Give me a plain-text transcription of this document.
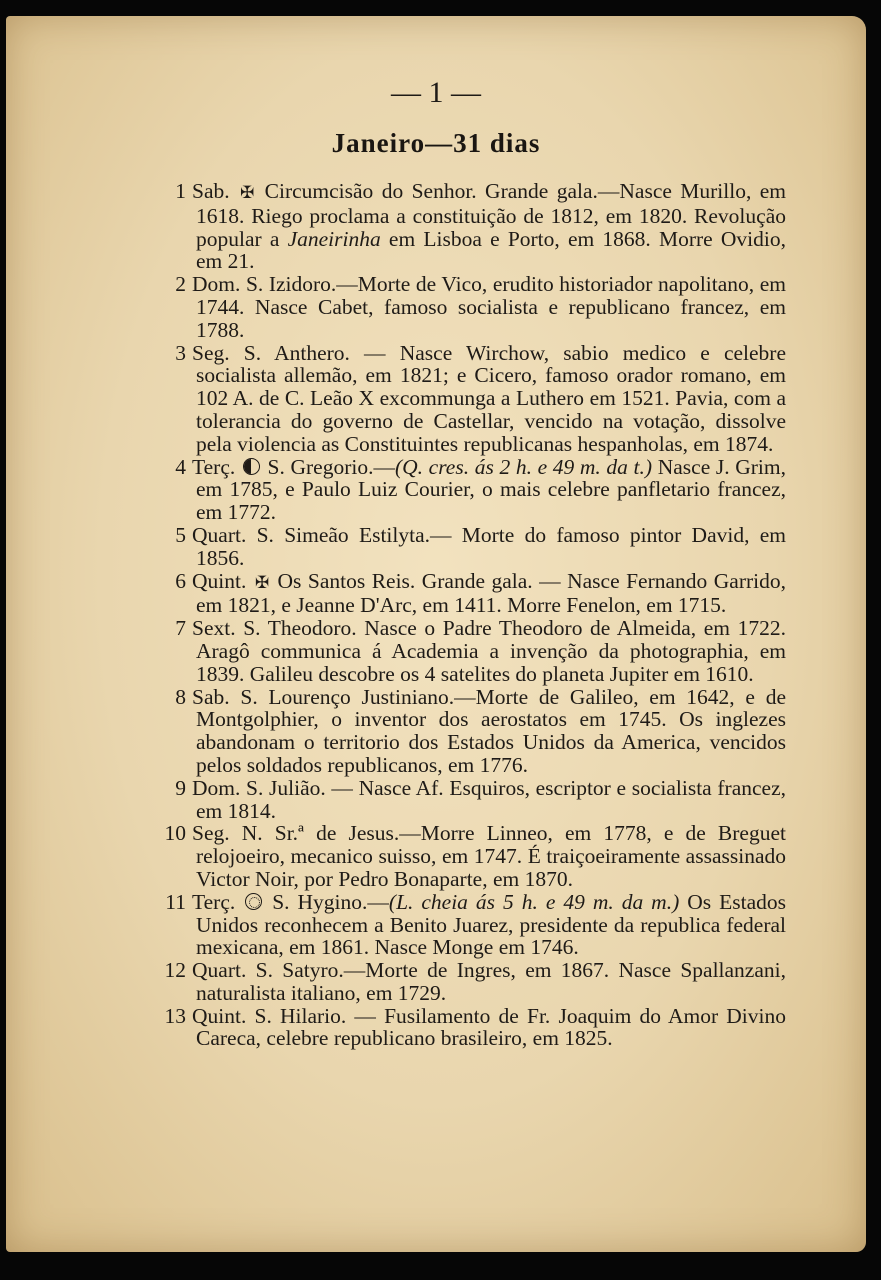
— 1 —
Janeiro—31 dias
1 Sab. ✠ Circumcisão do Senhor. Grande gala.—Nasce Murillo, em 1618. Riego proclama a constituição de 1812, em 1820. Revolução popular a Janeirinha em Lisboa e Porto, em 1868. Morre Ovidio, em 21.
2 Dom. S. Izidoro.—Morte de Vico, erudito historiador napolitano, em 1744. Nasce Cabet, famoso socialista e republicano francez, em 1788.
3 Seg. S. Anthero. — Nasce Wirchow, sabio medico e celebre socialista allemão, em 1821; e Cicero, famoso orador romano, em 102 A. de C. Leão X excommunga a Luthero em 1521. Pavia, com a tolerancia do governo de Castellar, vencido na votação, dissolve pela violencia as Constituintes republicanas hespanholas, em 1874.
4 Terç.  S. Gregorio.—(Q. cres. ás 2 h. e 49 m. da t.) Nasce J. Grim, em 1785, e Paulo Luiz Courier, o mais celebre panfletario francez, em 1772.
5 Quart. S. Simeão Estilyta.— Morte do famoso pintor David, em 1856.
6 Quint. ✠ Os Santos Reis. Grande gala. — Nasce Fernando Garrido, em 1821, e Jeanne D'Arc, em 1411. Morre Fenelon, em 1715.
7 Sext. S. Theodoro. Nasce o Padre Theodoro de Almeida, em 1722. Aragô communica á Academia a invenção da photographia, em 1839. Galileu descobre os 4 satelites do planeta Jupiter em 1610.
8 Sab. S. Lourenço Justiniano.—Morte de Galileo, em 1642, e de Montgolphier, o inventor dos aerostatos em 1745. Os inglezes abandonam o territorio dos Estados Unidos da America, vencidos pelos soldados republicanos, em 1776.
9 Dom. S. Julião. — Nasce Af. Esquiros, escriptor e socialista francez, em 1814.
10 Seg. N. Sr.ª de Jesus.—Morre Linneo, em 1778, e de Breguet relojoeiro, mecanico suisso, em 1747. É traiçoeiramente assassinado Victor Noir, por Pedro Bonaparte, em 1870.
11 Terç.  S. Hygino.—(L. cheia ás 5 h. e 49 m. da m.) Os Estados Unidos reconhecem a Benito Juarez, presidente da republica federal mexicana, em 1861. Nasce Monge em 1746.
12 Quart. S. Satyro.—Morte de Ingres, em 1867. Nasce Spallanzani, naturalista italiano, em 1729.
13 Quint. S. Hilario. — Fusilamento de Fr. Joaquim do Amor Divino Careca, celebre republicano brasileiro, em 1825.
